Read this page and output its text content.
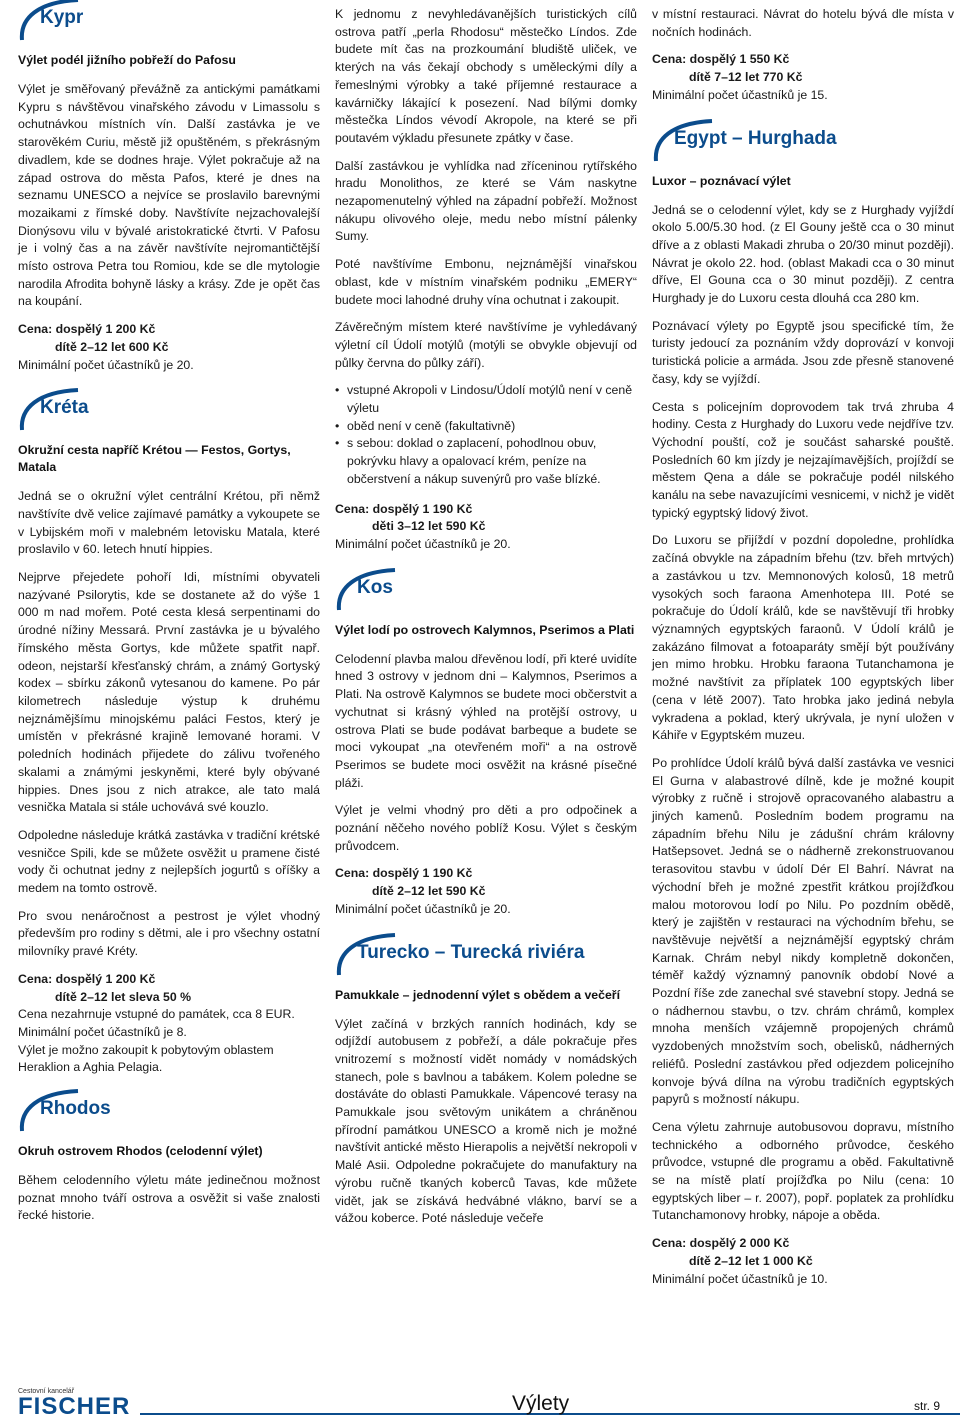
Kypr
Výlet podél jižního pobřeží do Pafosu
Výlet je směřovaný převážně za antickými památkami Kypru s návštěvou vinařského závodu v Limassolu s ochutnávkou místních vín. Další zastávka je ve starověkém Curiu, městě již opuštěném, s překrásným divadlem, kde se dodnes hraje. Výlet pokračuje až na západ ostrova do města Pafos, které je dnes na seznamu UNESCO a nejvíce se proslavilo barevnými mozaikami z římské doby. Navštívíte nejzachovalejší Dionýsovu vilu v bývalé aristokratické čtvrti. V Pafosu je i volný čas a na závěr navštívíte nejromantičtější místo ostrova Petra tou Romiou, kde se dle mytologie narodila Afrodita bohyně lásky a krásy. Zde je opět čas na koupání.
Cena: dospělý 1 200 Kč
dítě 2–12 let 600 Kč
Minimální počet účastníků je 20.
Kréta
Okružní cesta napříč Krétou — Festos, Gortys, Matala
Jedná se o okružní výlet centrální Krétou, při němž navštívíte dvě velice zajímavé památky a vykoupete se v Lybijském moři v malebném letovisku Matala, které proslavilo v 60. letech hnutí hippies.
Nejprve přejedete pohoří Idi, místními obyvateli nazývané Psilorytis, kde se dostanete až do výše 1 000 m nad mořem. Poté cesta klesá serpentinami do úrodné nížiny Messará. První zastávka je u bývalého římského města Gortys, kde můžete spatřit např. odeon, nejstarší křesťanský chrám, a známý Gortyský kodex – sbírku zákonů vytesanou do kamene. Po pár kilometrech následuje výstup k druhému nejznámějšímu minojskému paláci Festos, který je umístěn v překrásné krajině lemované horami. V poledních hodinách přijedete do zálivu tvořeného skalami a známými jeskyněmi, které byly obývané hippies. Dnes jsou z nich atrakce, ale tato malá vesnička Matala si stále uchovává své kouzlo.
Odpoledne následuje krátká zastávka v tradiční krétské vesničce Spili, kde se můžete osvěžit u pramene čisté vody či ochutnat jedny z nejlepších jogurtů s oříšky a medem na tomto ostrově.
Pro svou nenáročnost a pestrost je výlet vhodný především pro rodiny s dětmi, ale i pro všechny ostatní milovníky pravé Kréty.
Cena: dospělý 1 200 Kč
dítě 2–12 let sleva 50 %
Cena nezahrnuje vstupné do památek, cca 8 EUR.
Minimální počet účastníků je 8.
Výlet je možno zakoupit k pobytovým oblastem Heraklion a Aghia Pelagia.
Rhodos
Okruh ostrovem Rhodos (celodenní výlet)
Během celodenního výletu máte jedinečnou možnost poznat mnoho tváří ostrova a osvěžit si vaše znalosti řecké historie.
K jednomu z nevyhledávanějších turistických cílů ostrova patří „perla Rhodosu“ městečko Líndos. Zde budete mít čas na prozkoumání bludiště uliček, ve kterých na vás čekají obchody s uměleckými díly a řemeslnými výrobky a také příjemné restaurace a kavárničky lákající k posezení. Nad bílými domky městečka Líndos vévodí Akropole, na které se při poutavém výkladu přesunete zpátky v čase.
Další zastávkou je vyhlídka nad zříceninou rytířského hradu Monolithos, ze které se Vám naskytne nezapomenutelný výhled na západní pobřeží. Možnost nákupu olivového oleje, medu nebo místní pálenky Sumy.
Poté navštívíme Embonu, nejznámější vinařskou oblast, kde v místním vinařském podniku „EMERY“ budete moci lahodné druhy vína ochutnat i zakoupit.
Závěrečným místem které navštívíme je vyhledávaný výletní cíl Údolí motýlů (motýli se obvykle objevují od půlky června do půlky září).
• vstupné Akropoli v Lindosu/Údolí motýlů není v ceně výletu
• oběd není v ceně (fakultativně)
• s sebou: doklad o zaplacení, pohodlnou obuv, pokrývku hlavy a opalovací krém, peníze na občerstvení a nákup suvenýrů pro vaše blízké.
Cena: dospělý 1 190 Kč
děti 3–12 let 590 Kč
Minimální počet účastníků je 20.
Kos
Výlet lodí po ostrovech Kalymnos, Pserimos a Plati
Celodenní plavba malou dřevěnou lodí, při které uvidíte hned 3 ostrovy v jednom dni – Kalymnos, Pserimos a Plati. Na ostrově Kalymnos se budete moci občerstvit a vychutnat si krásný výhled na protější ostrovy, u ostrova Plati se bude podávat barbeque a budete se moci vykoupat „na otevřeném moři“ a na ostrově Pserimos se budete moci osvěžit na krásné písečné pláži.
Výlet je velmi vhodný pro děti a pro odpočinek a poznání něčeho nového poblíž Kosu. Výlet s českým průvodcem.
Cena: dospělý 1 190 Kč
dítě 2–12 let 590 Kč
Minimální počet účastníků je 20.
Turecko – Turecká riviéra
Pamukkale – jednodenní výlet s obědem a večeří
Výlet začíná v brzkých ranních hodinách, kdy se odjíždí autobusem z pobřeží, a dále pokračuje přes vnitrozemí s možností vidět nomády v nomádských stanech, pole s bavlnou a tabákem. Kolem poledne se dostáváte do oblasti Pamukkale. Vápencové terasy na Pamukkale jsou světovým unikátem a chráněnou přírodní památkou UNESCO a kromě nich je možné navštívit antické město Hierapolis a největší nekropoli v Malé Asii. Odpoledne pokračujete do manufaktury na výrobu ručně tkaných koberců Tavas, kde můžete vidět, jak se získává hedvábné vlákno, barví se a vážou koberce. Poté následuje večeře
v místní restauraci. Návrat do hotelu bývá dle místa v nočních hodinách.
Cena: dospělý 1 550 Kč
dítě 7–12 let 770 Kč
Minimální počet účastníků je 15.
Egypt – Hurghada
Luxor – poznávací výlet
Jedná se o celodenní výlet, kdy se z Hurghady vyjíždí okolo 5.00/5.30 hod. (z El Gouny ještě cca o 30 minut dříve a z oblasti Makadi zhruba o 20/30 minut později). Návrat je okolo 22. hod. (oblast Makadi cca o 30 minut dříve, El Gouna cca o 30 minut později). Z centra Hurghady je do Luxoru cesta dlouhá cca 280 km.
Poznávací výlety po Egyptě jsou specifické tím, že turisty jedoucí za poznáním vždy doprovází v konvoji turistická policie a armáda. Jsou zde přesně stanovené časy, kdy se vyjíždí.
Cesta s policejním doprovodem tak trvá zhruba 4 hodiny. Cesta z Hurghady do Luxoru vede nejdříve tzv. Východní pouští, což je součást saharské pouště. Posledních 60 km jízdy je nejzajímavějších, projíždí se městem Qena a dále se pokračuje podél nilského kanálu na sebe navazujícími vesnicemi, v nichž je vidět typický egyptský lidový život.
Do Luxoru se přijíždí v pozdní dopoledne, prohlídka začíná obvykle na západním břehu (tzv. břeh mrtvých) a zastávkou u tzv. Memnonových kolosů, 18 metrů vysokých soch faraona Amenhotepa III. Poté se pokračuje do Údolí králů, kde se navštěvují tři hrobky významných egyptských faraonů. V Údolí králů je zakázáno filmovat a fotoaparáty smějí být používány jen mimo hrobku. Hrobku faraona Tutanchamona je možné navštívit za příplatek 100 egyptských liber (cena v létě 2007). Tato hrobka jako jediná nebyla vykradena a poklad, který ukrývala, je nyní uložen v Káhiře v Egyptském muzeu.
Po prohlídce Údolí králů bývá další zastávka ve vesnici El Gurna v alabastrové dílně, kde je možné koupit výrobky z ručně i strojově opracovaného alabastru a jiných kamenů. Posledním bodem programu na západním břehu Nilu je zádušní chrám královny Hatšepsovet. Jedná se o nádherně zrekonstruovanou terasovitou stavbu v údolí Dér El Bahrí. Návrat na východní břeh je možné zpestřit krátkou projížďkou malou motorovou lodí po Nilu. Po pozdním obědě, který je zajištěn v restauraci na východním břehu, se navštěvuje největší a nejznámější egyptský chrám Karnak. Chrám nebyl nikdy kompletně dokončen, téměř každý významný panovník období Nové a Pozdní říše zde zanechal své stavební stopy. Jedná se o nádhernou stavbu, o tzv. chrám chrámů, komplex mnoha menších vzájemně propojených chrámů vyzdobených množstvím soch, obelisků, nádherných reliéfů. Poslední zastávkou před odjezdem policejního konvoje bývá dílna na výrobu tradičních egyptských papyrů s možností nákupu.
Cena výletu zahrnuje autobusovou dopravu, místního technického a odborného průvodce, českého průvodce, vstupné dle programu a oběd. Fakultativně se na místě platí projížďka po Nilu (cena: 10 egyptských liber – r. 2007), popř. poplatek za prohlídku Tutanchamonovy hrobky, nápoje a oběda.
Cena: dospělý 2 000 Kč
dítě 2–12 let 1 000 Kč
Minimální počet účastníků je 10.
Cestovní kancelář
FISCHER	Výlety	str. 9
